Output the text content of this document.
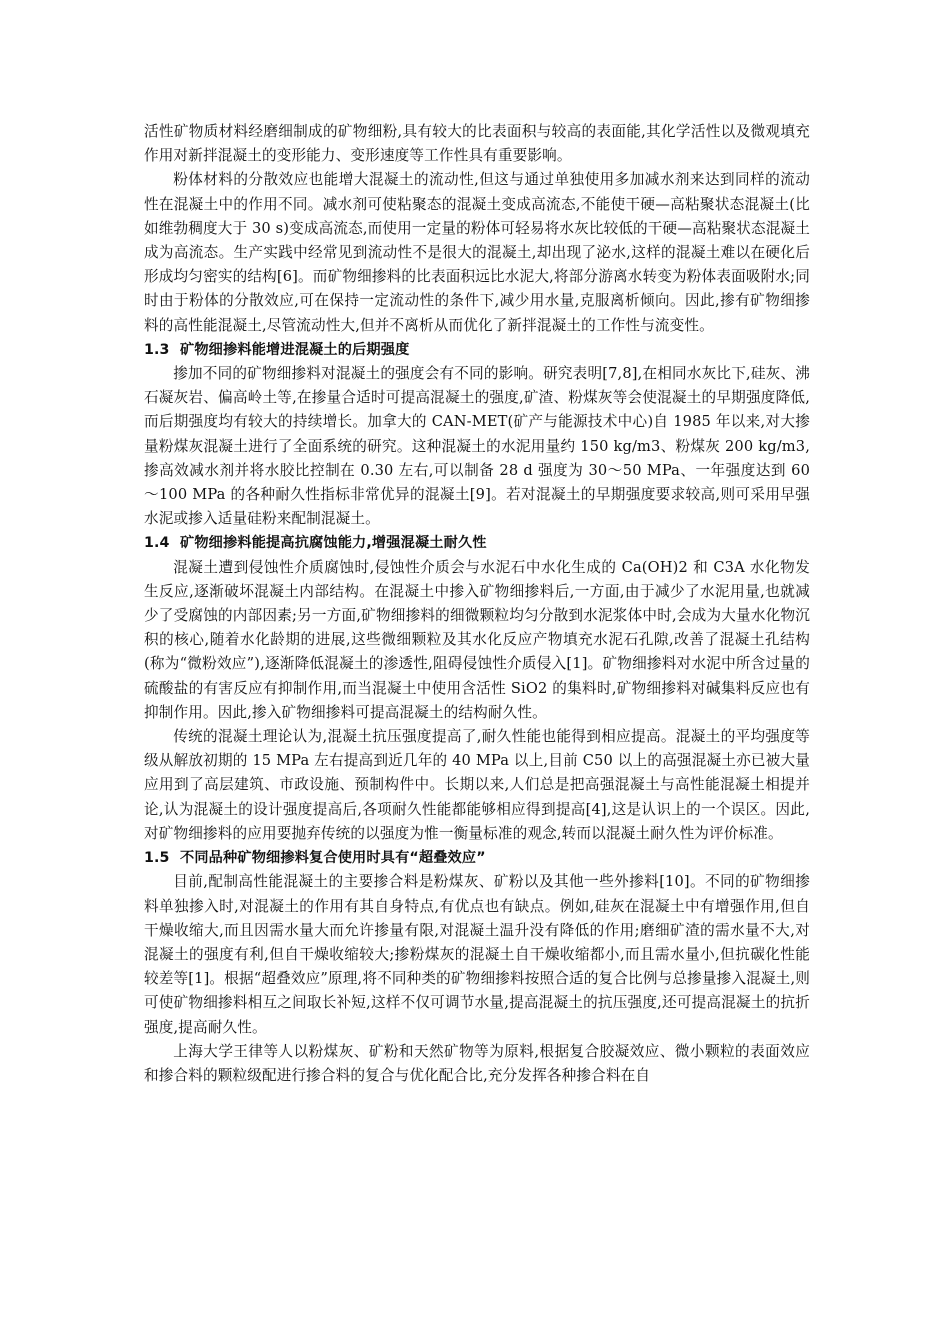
活性矿物质材料经磨细制成的矿物细粉,具有较大的比表面积与较高的表面能,其化学活性以及微观填充作用对新拌混凝土的变形能力、变形速度等工作性具有重要影响。

粉体材料的分散效应也能增大混凝土的流动性,但这与通过单独使用多加减水剂来达到同样的流动性在混凝土中的作用不同。减水剂可使粘聚态的混凝土变成高流态,不能使干硬—高粘聚状态混凝土(比如维勃稠度大于 30 s)变成高流态,而使用一定量的粉体可轻易将水灰比较低的干硬—高粘聚状态混凝土成为高流态。生产实践中经常见到流动性不是很大的混凝土,却出现了泌水,这样的混凝土难以在硬化后形成均匀密实的结构[6]。而矿物细掺料的比表面积远比水泥大,将部分游离水转变为粉体表面吸附水;同时由于粉体的分散效应,可在保持一定流动性的条件下,减少用水量,克服离析倾向。因此,掺有矿物细掺料的高性能混凝土,尽管流动性大,但并不离析从而优化了新拌混凝土的工作性与流变性。

1.3 矿物细掺料能增进混凝土的后期强度

掺加不同的矿物细掺料对混凝土的强度会有不同的影响。研究表明[7,8],在相同水灰比下,硅灰、沸石凝灰岩、偏高岭土等,在掺量合适时可提高混凝土的强度,矿渣、粉煤灰等会使混凝土的早期强度降低,而后期强度均有较大的持续增长。加拿大的 CAN-MET(矿产与能源技术中心)自 1985 年以来,对大掺量粉煤灰混凝土进行了全面系统的研究。这种混凝土的水泥用量约 150 kg/m3、粉煤灰 200 kg/m3,掺高效减水剂并将水胶比控制在 0.30 左右,可以制备 28 d 强度为 30～50 MPa、一年强度达到 60～100 MPa 的各种耐久性指标非常优异的混凝土[9]。若对混凝土的早期强度要求较高,则可采用早强水泥或掺入适量硅粉来配制混凝土。

1.4 矿物细掺料能提高抗腐蚀能力,增强混凝土耐久性

混凝土遭到侵蚀性介质腐蚀时,侵蚀性介质会与水泥石中水化生成的 Ca(OH)2 和 C3A 水化物发生反应,逐渐破坏混凝土内部结构。在混凝土中掺入矿物细掺料后,一方面,由于减少了水泥用量,也就减少了受腐蚀的内部因素;另一方面,矿物细掺料的细微颗粒均匀分散到水泥浆体中时,会成为大量水化物沉积的核心,随着水化龄期的进展,这些微细颗粒及其水化反应产物填充水泥石孔隙,改善了混凝土孔结构(称为“微粉效应”),逐渐降低混凝土的渗透性,阻碍侵蚀性介质侵入[1]。矿物细掺料对水泥中所含过量的硫酸盐的有害反应有抑制作用,而当混凝土中使用含活性 SiO2 的集料时,矿物细掺料对碱集料反应也有抑制作用。因此,掺入矿物细掺料可提高混凝土的结构耐久性。

传统的混凝土理论认为,混凝土抗压强度提高了,耐久性能也能得到相应提高。混凝土的平均强度等级从解放初期的 15 MPa 左右提高到近几年的 40 MPa 以上,目前 C50 以上的高强混凝土亦已被大量应用到了高层建筑、市政设施、预制构件中。长期以来,人们总是把高强混凝土与高性能混凝土相提并论,认为混凝土的设计强度提高后,各项耐久性能都能够相应得到提高[4],这是认识上的一个误区。因此,对矿物细掺料的应用要抛弃传统的以强度为惟一衡量标准的观念,转而以混凝土耐久性为评价标准。

1.5 不同品种矿物细掺料复合使用时具有“超叠效应”

目前,配制高性能混凝土的主要掺合料是粉煤灰、矿粉以及其他一些外掺料[10]。不同的矿物细掺料单独掺入时,对混凝土的作用有其自身特点,有优点也有缺点。例如,硅灰在混凝土中有增强作用,但自干燥收缩大,而且因需水量大而允许掺量有限,对混凝土温升没有降低的作用;磨细矿渣的需水量不大,对混凝土的强度有利,但自干燥收缩较大;掺粉煤灰的混凝土自干燥收缩都小,而且需水量小,但抗碳化性能较差等[1]。根据“超叠效应”原理,将不同种类的矿物细掺料按照合适的复合比例与总掺量掺入混凝土,则可使矿物细掺料相互之间取长补短,这样不仅可调节水量,提高混凝土的抗压强度,还可提高混凝土的抗折强度,提高耐久性。

上海大学王律等人以粉煤灰、矿粉和天然矿物等为原料,根据复合胶凝效应、微小颗粒的表面效应和掺合料的颗粒级配进行掺合料的复合与优化配合比,充分发挥各种掺合料在自
